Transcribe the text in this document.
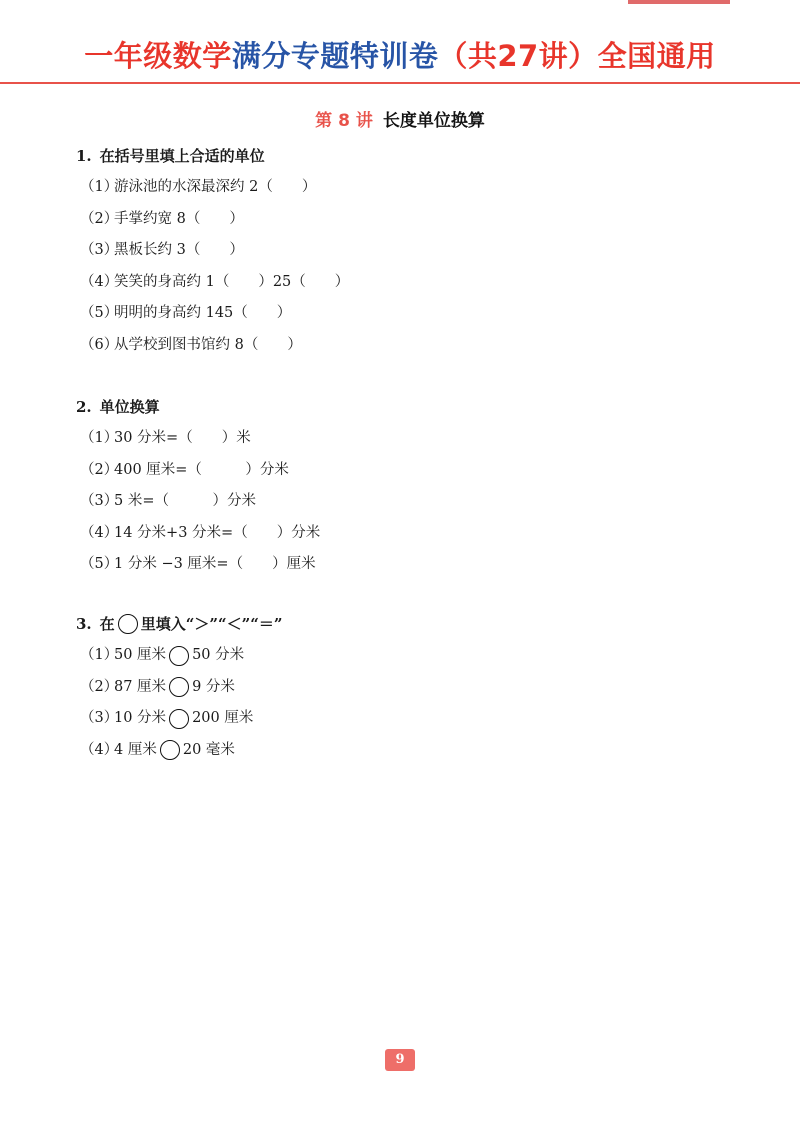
一年级数学满分专题特训卷（共27讲）全国通用
第 8 讲 长度单位换算
1. 在括号里填上合适的单位
（1）
游泳池的水深最深约 2（　　）
（2）
手掌约宽 8（　　）
（3）
黑板长约 3（　　）
（4）
笑笑的身高约 1（　　）25（　　）
（5）
明明的身高约 145（　　）
（6）
从学校到图书馆约 8（　　）
2. 单位换算
（1）
30 分米=（　　）米
（2）
400 厘米=（　　　）分米
（3）
5 米=（　　　）分米
（4）
14 分米+3 分米=（　　）分米
（5）
1 分米 −3 厘米=（　　）厘米
3. 在 里填入“＞”“＜”“＝”
（1）
50 厘米 50 分米
（2）
87 厘米 9 分米
（3）
10 分米 200 厘米
（4）
4 厘米 20 毫米
9
